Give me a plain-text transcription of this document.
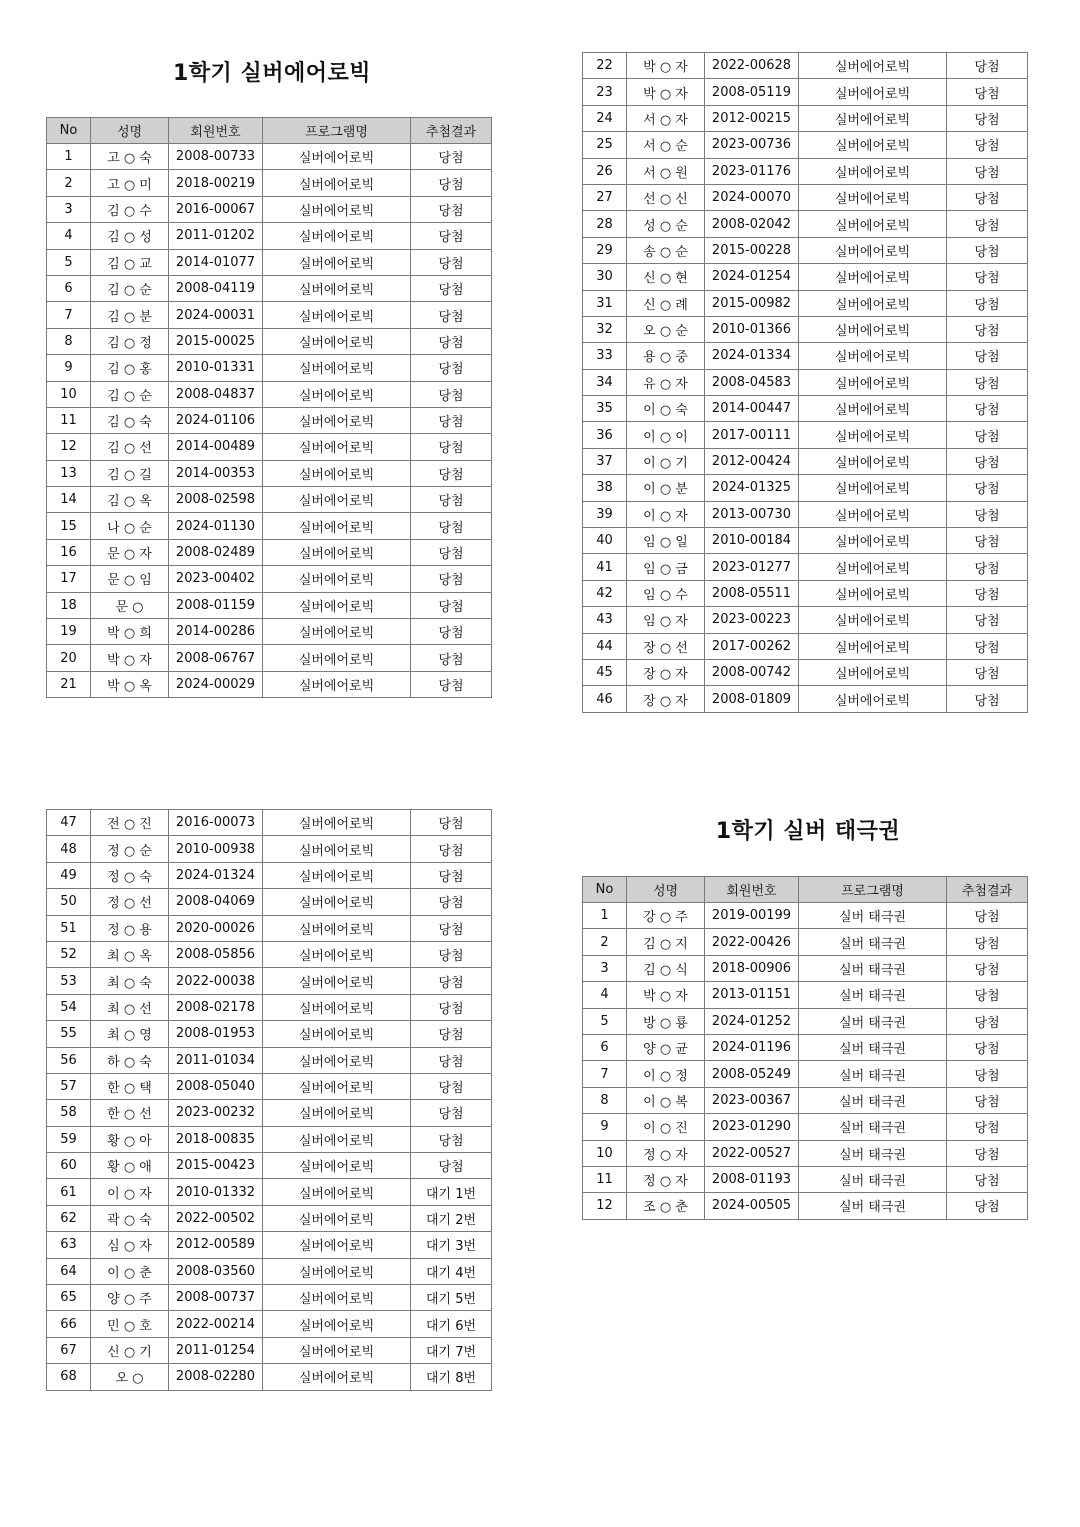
1학기 실버에어로빅
No	성명	회원번호	프로그램명	추첨결과
1	고 ○ 숙	2008-00733	실버에어로빅	당첨
2	고 ○ 미	2018-00219	실버에어로빅	당첨
3	김 ○ 수	2016-00067	실버에어로빅	당첨
4	김 ○ 성	2011-01202	실버에어로빅	당첨
5	김 ○ 교	2014-01077	실버에어로빅	당첨
6	김 ○ 순	2008-04119	실버에어로빅	당첨
7	김 ○ 분	2024-00031	실버에어로빅	당첨
8	김 ○ 정	2015-00025	실버에어로빅	당첨
9	김 ○ 홍	2010-01331	실버에어로빅	당첨
10	김 ○ 순	2008-04837	실버에어로빅	당첨
11	김 ○ 숙	2024-01106	실버에어로빅	당첨
12	김 ○ 선	2014-00489	실버에어로빅	당첨
13	김 ○ 길	2014-00353	실버에어로빅	당첨
14	김 ○ 옥	2008-02598	실버에어로빅	당첨
15	나 ○ 순	2024-01130	실버에어로빅	당첨
16	문 ○ 자	2008-02489	실버에어로빅	당첨
17	문 ○ 임	2023-00402	실버에어로빅	당첨
18	문 ○	2008-01159	실버에어로빅	당첨
19	박 ○ 희	2014-00286	실버에어로빅	당첨
20	박 ○ 자	2008-06767	실버에어로빅	당첨
21	박 ○ 옥	2024-00029	실버에어로빅	당첨
22	박 ○ 자	2022-00628	실버에어로빅	당첨
23	박 ○ 자	2008-05119	실버에어로빅	당첨
24	서 ○ 자	2012-00215	실버에어로빅	당첨
25	서 ○ 순	2023-00736	실버에어로빅	당첨
26	서 ○ 원	2023-01176	실버에어로빅	당첨
27	선 ○ 신	2024-00070	실버에어로빅	당첨
28	성 ○ 순	2008-02042	실버에어로빅	당첨
29	송 ○ 순	2015-00228	실버에어로빅	당첨
30	신 ○ 현	2024-01254	실버에어로빅	당첨
31	신 ○ 례	2015-00982	실버에어로빅	당첨
32	오 ○ 순	2010-01366	실버에어로빅	당첨
33	용 ○ 중	2024-01334	실버에어로빅	당첨
34	유 ○ 자	2008-04583	실버에어로빅	당첨
35	이 ○ 숙	2014-00447	실버에어로빅	당첨
36	이 ○ 이	2017-00111	실버에어로빅	당첨
37	이 ○ 기	2012-00424	실버에어로빅	당첨
38	이 ○ 분	2024-01325	실버에어로빅	당첨
39	이 ○ 자	2013-00730	실버에어로빅	당첨
40	임 ○ 일	2010-00184	실버에어로빅	당첨
41	임 ○ 금	2023-01277	실버에어로빅	당첨
42	임 ○ 수	2008-05511	실버에어로빅	당첨
43	임 ○ 자	2023-00223	실버에어로빅	당첨
44	장 ○ 선	2017-00262	실버에어로빅	당첨
45	장 ○ 자	2008-00742	실버에어로빅	당첨
46	장 ○ 자	2008-01809	실버에어로빅	당첨
47	전 ○ 진	2016-00073	실버에어로빅	당첨
48	정 ○ 순	2010-00938	실버에어로빅	당첨
49	정 ○ 숙	2024-01324	실버에어로빅	당첨
50	정 ○ 선	2008-04069	실버에어로빅	당첨
51	정 ○ 용	2020-00026	실버에어로빅	당첨
52	최 ○ 옥	2008-05856	실버에어로빅	당첨
53	최 ○ 숙	2022-00038	실버에어로빅	당첨
54	최 ○ 선	2008-02178	실버에어로빅	당첨
55	최 ○ 영	2008-01953	실버에어로빅	당첨
56	하 ○ 숙	2011-01034	실버에어로빅	당첨
57	한 ○ 택	2008-05040	실버에어로빅	당첨
58	한 ○ 선	2023-00232	실버에어로빅	당첨
59	황 ○ 아	2018-00835	실버에어로빅	당첨
60	황 ○ 애	2015-00423	실버에어로빅	당첨
61	이 ○ 자	2010-01332	실버에어로빅	대기 1번
62	곽 ○ 숙	2022-00502	실버에어로빅	대기 2번
63	심 ○ 자	2012-00589	실버에어로빅	대기 3번
64	이 ○ 춘	2008-03560	실버에어로빅	대기 4번
65	양 ○ 주	2008-00737	실버에어로빅	대기 5번
66	민 ○ 호	2022-00214	실버에어로빅	대기 6번
67	신 ○ 기	2011-01254	실버에어로빅	대기 7번
68	오 ○	2008-02280	실버에어로빅	대기 8번
1학기 실버 태극권
No	성명	회원번호	프로그램명	추첨결과
1	강 ○ 주	2019-00199	실버 태극권	당첨
2	김 ○ 지	2022-00426	실버 태극권	당첨
3	김 ○ 식	2018-00906	실버 태극권	당첨
4	박 ○ 자	2013-01151	실버 태극권	당첨
5	방 ○ 룡	2024-01252	실버 태극권	당첨
6	양 ○ 균	2024-01196	실버 태극권	당첨
7	이 ○ 정	2008-05249	실버 태극권	당첨
8	이 ○ 복	2023-00367	실버 태극권	당첨
9	이 ○ 진	2023-01290	실버 태극권	당첨
10	정 ○ 자	2022-00527	실버 태극권	당첨
11	정 ○ 자	2008-01193	실버 태극권	당첨
12	조 ○ 춘	2024-00505	실버 태극권	당첨
